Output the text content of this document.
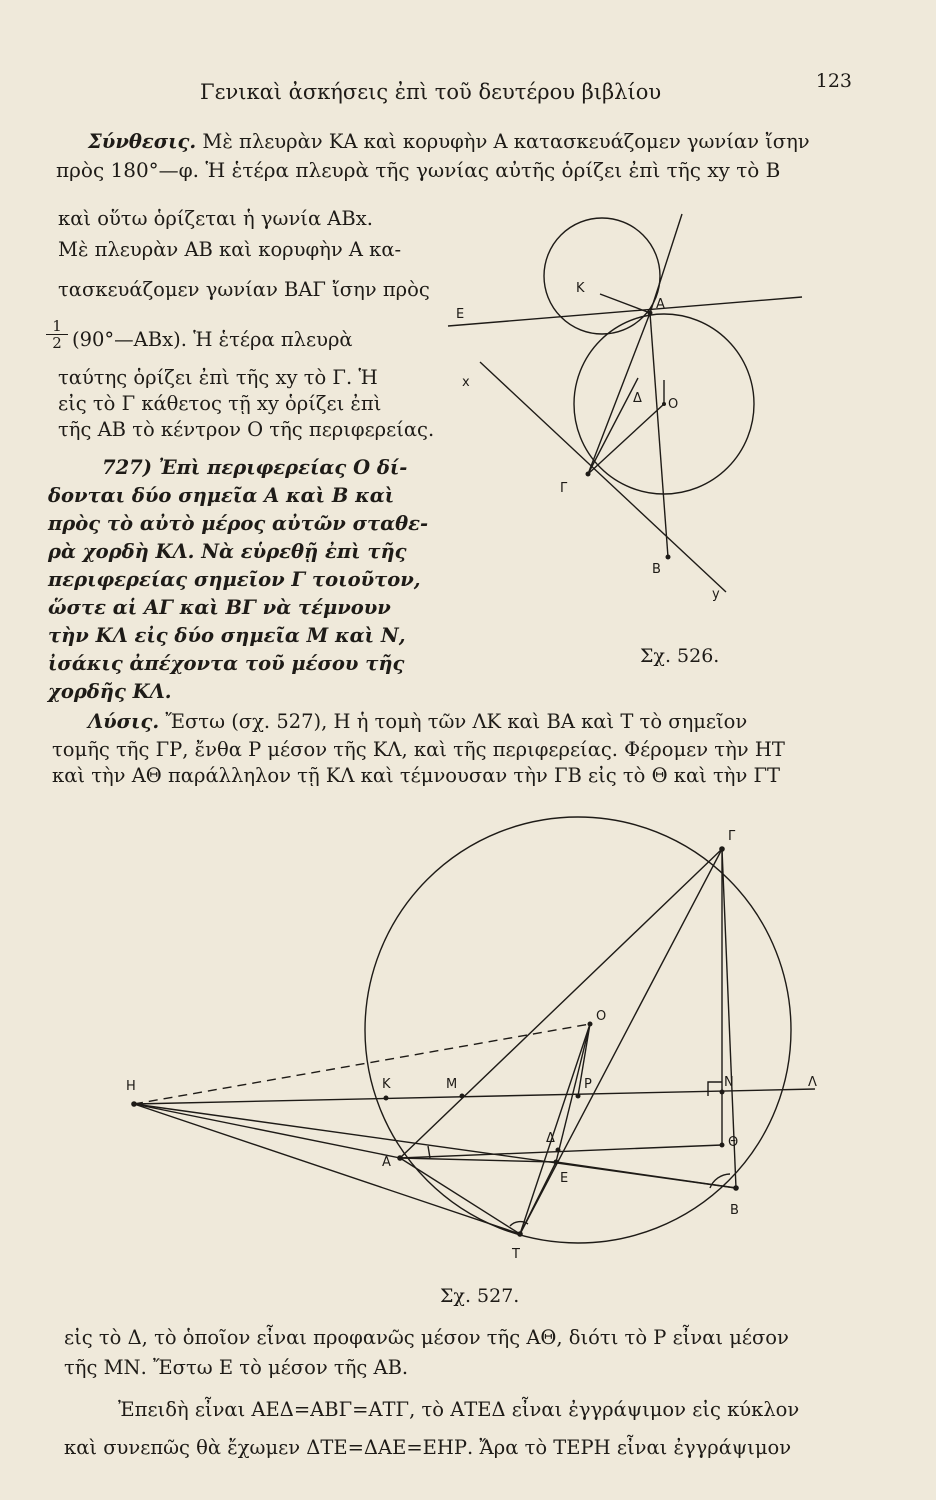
Γενικαὶ ἀσκήσεις ἐπὶ τοῦ δευτέρου βιβλίου	123
Σύνθεσις. Μὲ πλευρὰν ΚΑ καὶ κορυφὴν Α κατασκευάζομεν γωνίαν ἴσην
πρὸς 180°—φ. Ἡ ἑτέρα πλευρὰ τῆς γωνίας αὐτῆς ὁρίζει ἐπὶ τῆς xy τὸ Β
καὶ οὕτω ὁρίζεται ἡ γωνία ΑΒx.
Μὲ πλευρὰν ΑΒ καὶ κορυφὴν Α κα-
τασκευάζομεν γωνίαν ΒΑΓ ἴσην πρὸς
1
2 (90°—ΑΒx). Ἡ ἑτέρα πλευρὰ
ταύτης ὁρίζει ἐπὶ τῆς xy τὸ Γ. Ἡ
εἰς τὸ Γ κάθετος τῇ xy ὁρίζει ἐπὶ
τῆς ΑΒ τὸ κέντρον Ο τῆς περιφερείας.
727) Ἐπὶ περιφερείας Ο δί-
δονται δύο σημεῖα Α καὶ Β καὶ
πρὸς τὸ αὐτὸ μέρος αὐτῶν σταθε-
ρὰ χορδὴ ΚΛ. Νὰ εὑρεθῇ ἐπὶ τῆς
περιφερείας σημεῖον Γ τοιοῦτον,
ὥστε αἱ ΑΓ καὶ ΒΓ νὰ τέμνουν
τὴν ΚΛ εἰς δύο σημεῖα Μ καὶ Ν,
ἰσάκις ἀπέχοντα τοῦ μέσου τῆς
χορδῆς ΚΛ.
Λύσις. Ἔστω (σχ. 527), Η ἡ τομὴ τῶν ΛΚ καὶ ΒΑ καὶ Τ τὸ σημεῖον
τομῆς τῆς ΓΡ, ἔνθα Ρ μέσον τῆς ΚΛ, καὶ τῆς περιφερείας. Φέρομεν τὴν ΗΤ
καὶ τὴν ΑΘ παράλληλον τῇ ΚΛ καὶ τέμνουσαν τὴν ΓΒ εἰς τὸ Θ καὶ τὴν ΓΤ
Κ
Α
Ε
x
Δ Ο
Γ
Β
y
Σχ. 526.
Γ
Ο
Η	Κ	Μ	Ρ	Ν	Λ
Δ	Θ
Α
Ε
Β
Τ
Σχ. 527.
εἰς τὸ Δ, τὸ ὁποῖον εἶναι προφανῶς μέσον τῆς ΑΘ, διότι τὸ Ρ εἶναι μέσον
τῆς ΜΝ. Ἔστω Ε τὸ μέσον τῆς ΑΒ.
Ἐπειδὴ εἶναι ΑΕΔ=ΑΒΓ=ΑΤΓ, τὸ ΑΤΕΔ εἶναι ἐγγράψιμον εἰς κύκλον
καὶ συνεπῶς θὰ ἔχωμεν ΔΤΕ=ΔΑΕ=ΕΗΡ. Ἄρα τὸ ΤΕΡΗ εἶναι ἐγγράψιμον
